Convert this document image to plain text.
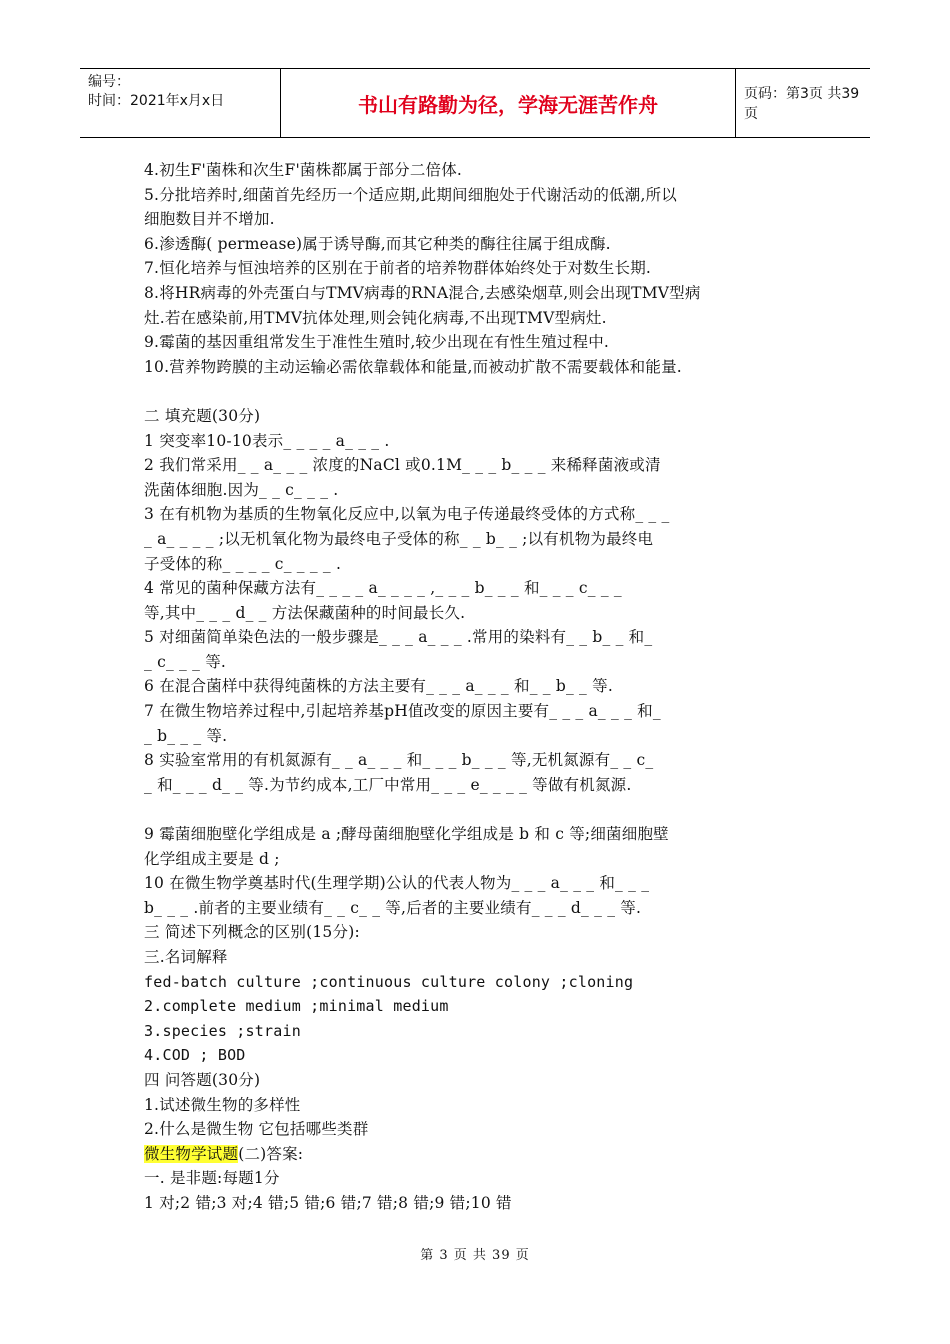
编号：
时间：2021年x月x日	书山有路勤为径，学海无涯苦作舟	页码：第3页 共39页
4.初生F'菌株和次生F'菌株都属于部分二倍体.
5.分批培养时,细菌首先经历一个适应期,此期间细胞处于代谢活动的低潮,所以
细胞数目并不增加.
6.渗透酶( permease)属于诱导酶,而其它种类的酶往往属于组成酶.
7.恒化培养与恒浊培养的区别在于前者的培养物群体始终处于对数生长期.
8.将HR病毒的外壳蛋白与TMV病毒的RNA混合,去感染烟草,则会出现TMV型病
灶.若在感染前,用TMV抗体处理,则会钝化病毒,不出现TMV型病灶.
9.霉菌的基因重组常发生于准性生殖时,较少出现在有性生殖过程中.
10.营养物跨膜的主动运输必需依靠载体和能量,而被动扩散不需要载体和能量.
二 填充题(30分)
1 突变率10-10表示_ _ _ _ a_ _ _ .
2 我们常采用_ _ a_ _ _ 浓度的NaCl 或0.1M_ _ _ b_ _ _ 来稀释菌液或清
洗菌体细胞.因为_ _ c_ _ _ .
3 在有机物为基质的生物氧化反应中,以氧为电子传递最终受体的方式称_ _ _
_ a_ _ _ _ ;以无机氧化物为最终电子受体的称_ _ b_ _ ;以有机物为最终电
子受体的称_ _ _ _ c_ _ _ _ .
4 常见的菌种保藏方法有_ _ _ _ a_ _ _ _ ,_ _ _ b_ _ _ 和_ _ _ c_ _ _
等,其中_ _ _ d_ _ 方法保藏菌种的时间最长久.
5 对细菌简单染色法的一般步骤是_ _ _ a_ _ _ .常用的染料有_ _ b_ _ 和_
_ c_ _ _ 等.
6 在混合菌样中获得纯菌株的方法主要有_ _ _ a_ _ _ 和_ _ b_ _ 等.
7 在微生物培养过程中,引起培养基pH值改变的原因主要有_ _ _ a_ _ _ 和_
_ b_ _ _ 等.
8 实验室常用的有机氮源有_ _ a_ _ _ 和_ _ _ b_ _ _ 等,无机氮源有_ _ c_
_ 和_ _ _ d_ _ 等.为节约成本,工厂中常用_ _ _ e_ _ _ _ 等做有机氮源.
9 霉菌细胞壁化学组成是 a ;酵母菌细胞壁化学组成是 b 和 c 等;细菌细胞壁
化学组成主要是 d ;
10 在微生物学奠基时代(生理学期)公认的代表人物为_ _ _ a_ _ _ 和_ _ _
b_ _ _ .前者的主要业绩有_ _ c_ _ 等,后者的主要业绩有_ _ _ d_ _ _ 等.
三 简述下列概念的区别(15分):
三.名词解释
fed-batch culture ;continuous culture colony ;cloning
2.complete medium ;minimal medium
3.species ;strain
4.COD ; BOD
四 问答题(30分)
1.试述微生物的多样性
2.什么是微生物 它包括哪些类群
微生物学试题(二)答案:
一. 是非题:每题1分
1 对;2 错;3 对;4 错;5 错;6 错;7 错;8 错;9 错;10 错
第 3 页 共 39 页
